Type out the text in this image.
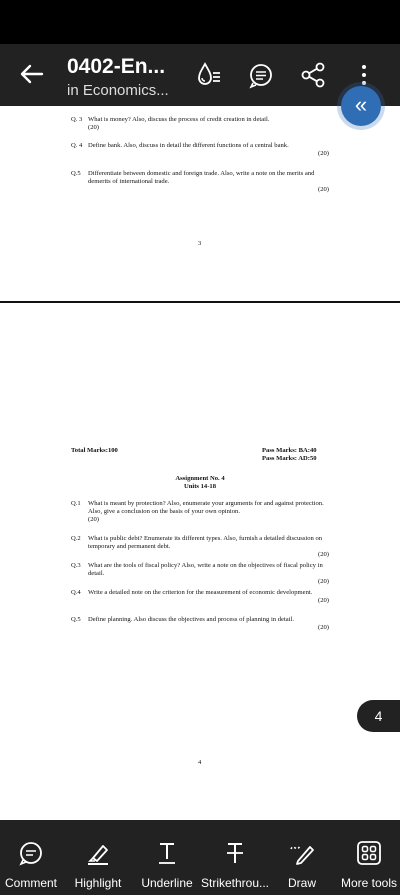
0402-En...
in Economics...
Q. 3 What is money? Also, discuss the process of credit creation in detail.
(20)
Q. 4 Define bank. Also, discuss in detail the different functions of a central bank.
(20)
Q.5 Differentiate between domestic and foreign trade. Also, write a note on the merits and demerits of international trade.
(20)
3
Total Marks:100	Pass Marks: BA:40
Pass Marks: AD:50
Assignment No. 4
Units 14-18
Q.1 What is meant by protection? Also, enumerate your arguments for and against protection. Also, give a conclusion on the basis of your own opinion.
(20)
Q.2 What is public debt? Enumerate its different types. Also, furnish a detailed discussion on temporary and permanent debt.
(20)
Q.3 What are the tools of fiscal policy? Also, write a note on the objectives of fiscal policy in detail.
(20)
Q.4 Write a detailed note on the criterion for the measurement of economic development.
(20)
Q.5 Define planning. Also discuss the objectives and process of planning in detail.
(20)
4
«
4
Comment	Highlight	Underline Strikethrou...	Draw	More tools
